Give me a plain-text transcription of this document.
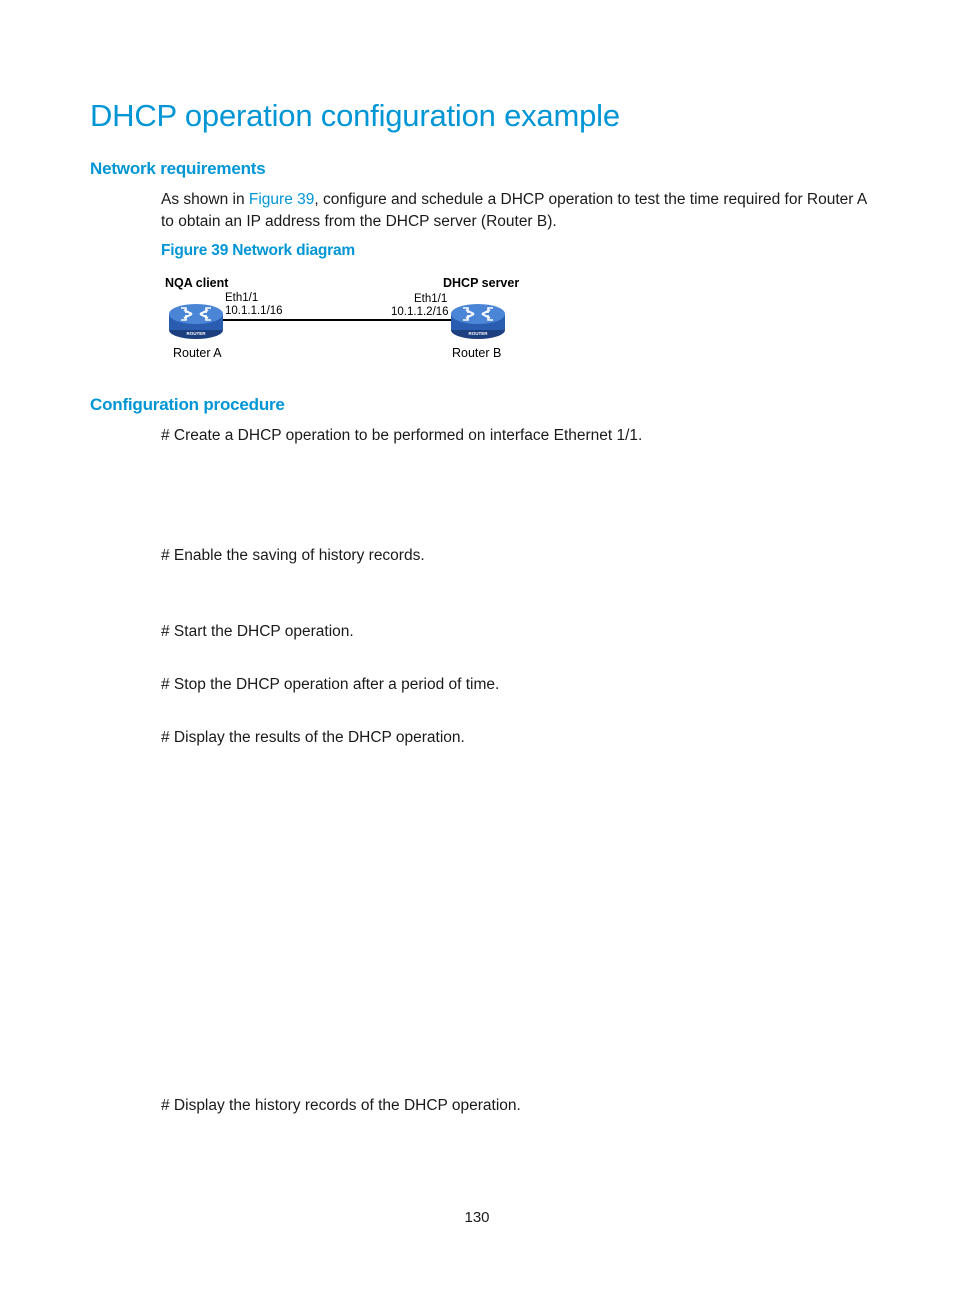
DHCP operation configuration example
Network requirements
As shown in Figure 39, configure and schedule a DHCP operation to test the time required for Router A
to obtain an IP address from the DHCP server (Router B).
Figure 39 Network diagram
NQA client	DHCP server
Eth1/1
10.1.1.1/16
Eth1/1
10.1.1.2/16
ROUTER	ROUTER
Router A	Router B
Configuration procedure
# Create a DHCP operation to be performed on interface Ethernet 1/1.
# Enable the saving of history records.
# Start the DHCP operation.
# Stop the DHCP operation after a period of time.
# Display the results of the DHCP operation.
# Display the history records of the DHCP operation.
130
